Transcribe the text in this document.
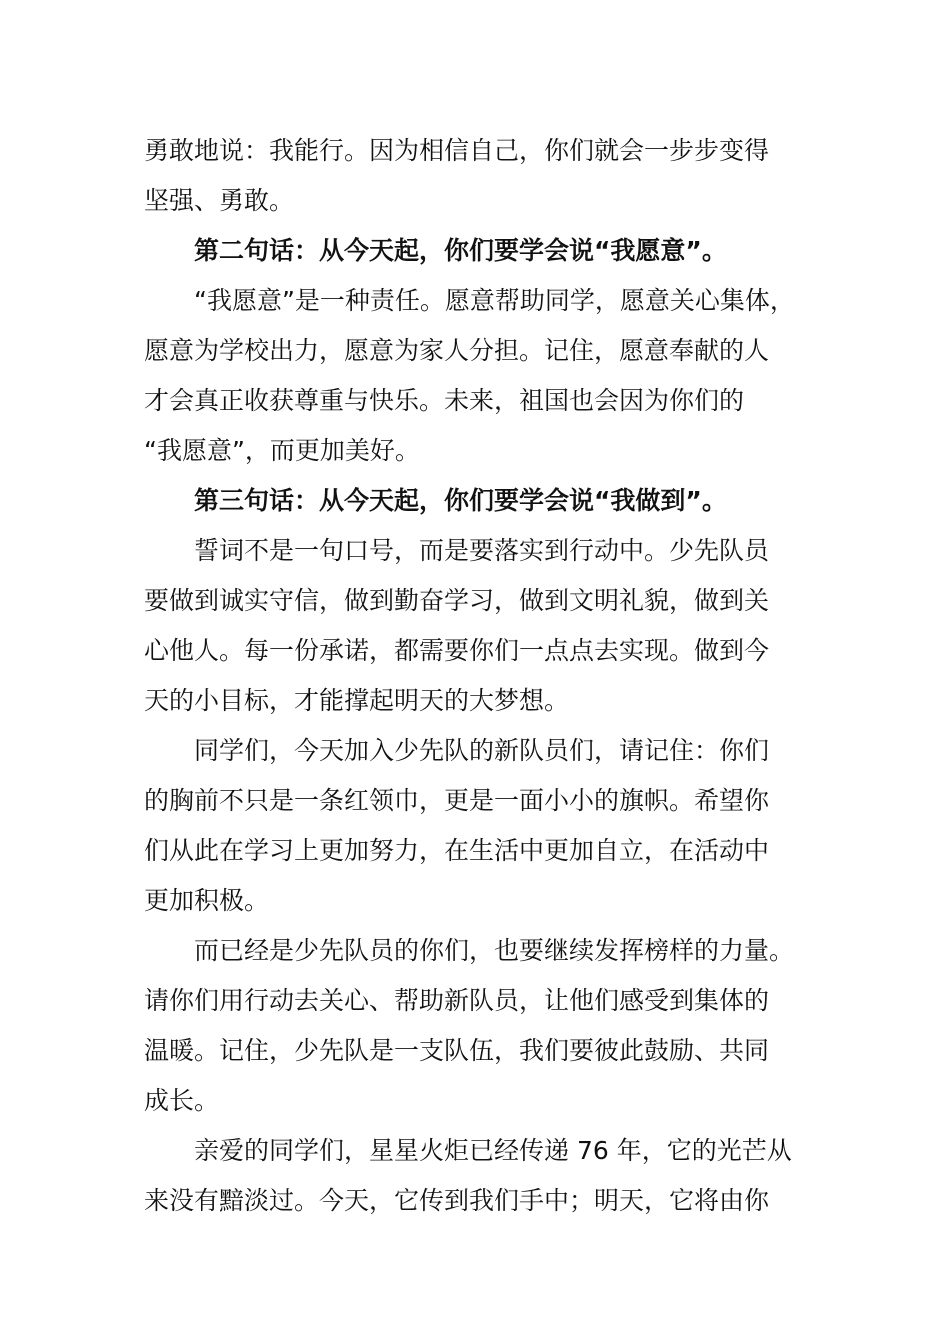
勇敢地说：我能行。因为相信自己，你们就会一步步变得
坚强、勇敢。
第二句话：从今天起，你们要学会说“我愿意”。
“我愿意”是一种责任。愿意帮助同学，愿意关心集体，
愿意为学校出力，愿意为家人分担。记住，愿意奉献的人
才会真正收获尊重与快乐。未来，祖国也会因为你们的
“我愿意”，而更加美好。
第三句话：从今天起，你们要学会说“我做到”。
誓词不是一句口号，而是要落实到行动中。少先队员
要做到诚实守信，做到勤奋学习，做到文明礼貌，做到关
心他人。每一份承诺，都需要你们一点点去实现。做到今
天的小目标，才能撑起明天的大梦想。
同学们，今天加入少先队的新队员们，请记住：你们
的胸前不只是一条红领巾，更是一面小小的旗帜。希望你
们从此在学习上更加努力，在生活中更加自立，在活动中
更加积极。
而已经是少先队员的你们，也要继续发挥榜样的力量。
请你们用行动去关心、帮助新队员，让他们感受到集体的
温暖。记住，少先队是一支队伍，我们要彼此鼓励、共同
成长。
亲爱的同学们，星星火炬已经传递 76 年，它的光芒从
来没有黯淡过。今天，它传到我们手中；明天，它将由你
